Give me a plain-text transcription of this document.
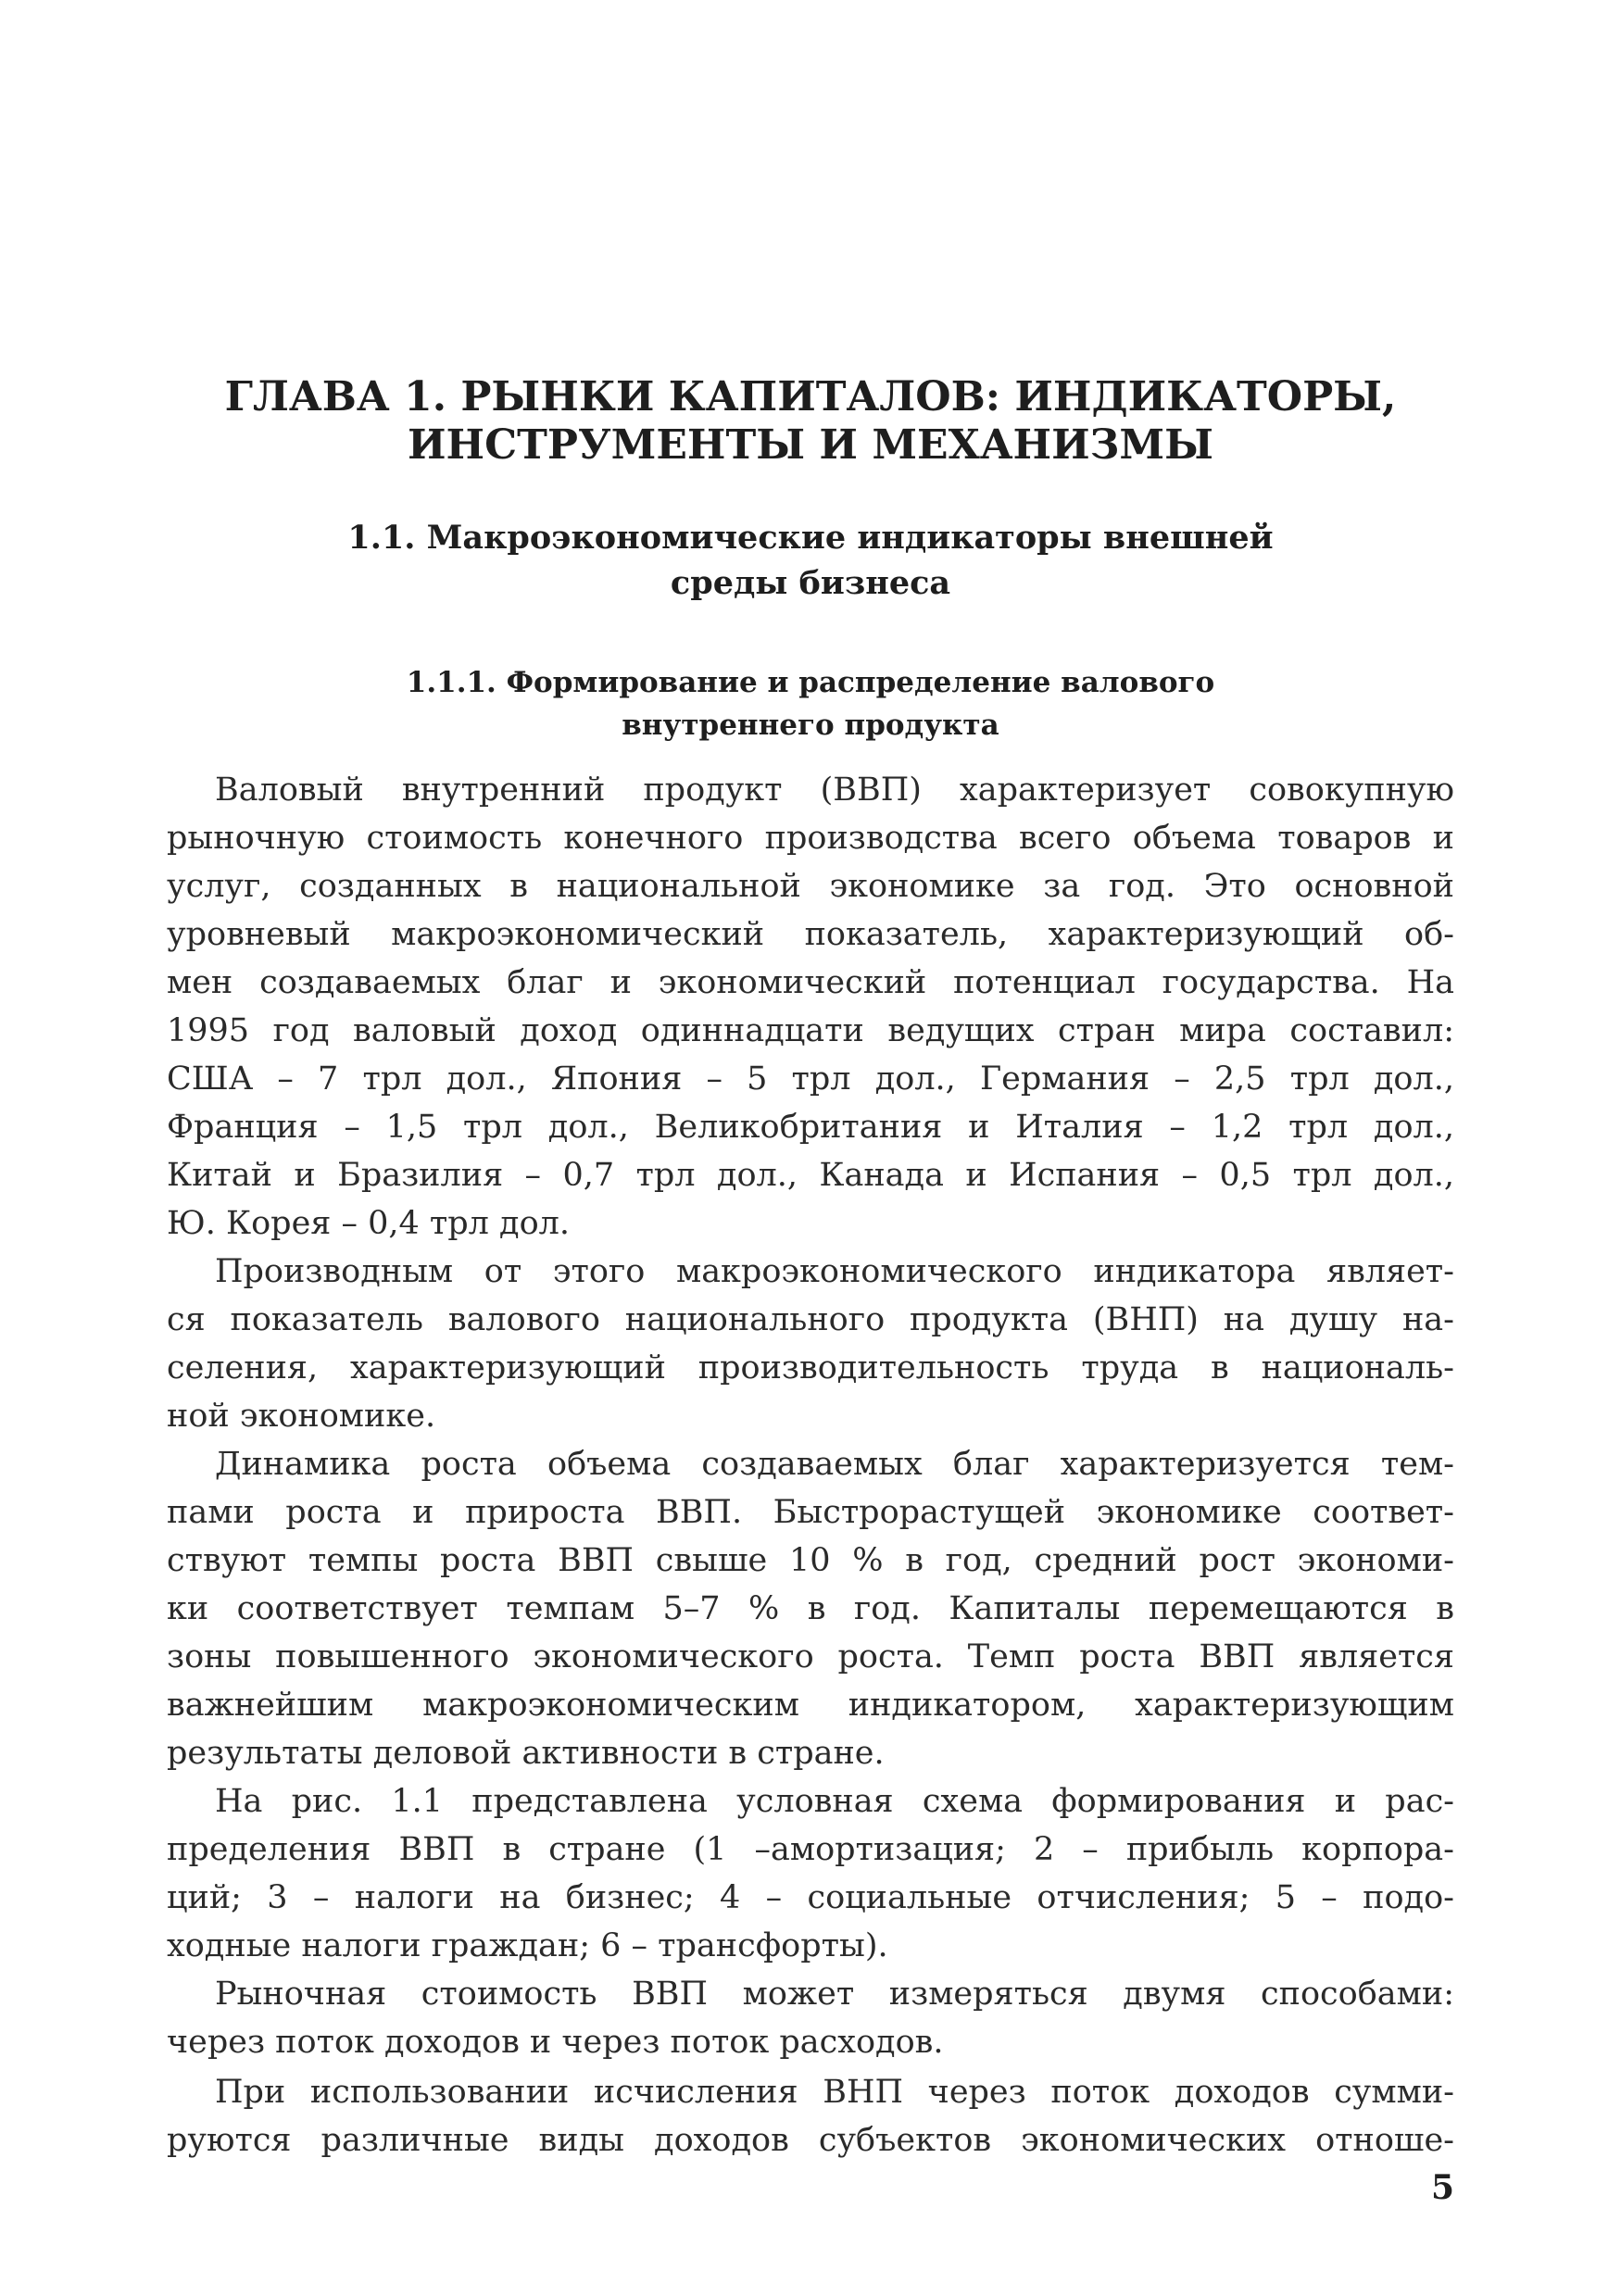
ГЛАВА 1. РЫНКИ КАПИТАЛОВ: ИНДИКАТОРЫ,
ИНСТРУМЕНТЫ И МЕХАНИЗМЫ
1.1. Макроэкономические индикаторы внешней
среды бизнеса
1.1.1. Формирование и распределение валового
внутреннего продукта
Валовый внутренний продукт (ВВП) характеризует совокупную
рыночную стоимость конечного производства всего объема товаров и
услуг, созданных в национальной экономике за год. Это основной
уровневый макроэкономический показатель, характеризующий об-
мен создаваемых благ и экономический потенциал государства. На
1995 год валовый доход одиннадцати ведущих стран мира составил:
США – 7 трл дол., Япония – 5 трл дол., Германия – 2,5 трл дол.,
Франция – 1,5 трл дол., Великобритания и Италия – 1,2 трл дол.,
Китай и Бразилия – 0,7 трл дол., Канада и Испания – 0,5 трл дол.,
Ю. Корея – 0,4 трл дол.
Производным от этого макроэкономического индикатора являет-
ся показатель валового национального продукта (ВНП) на душу на-
селения, характеризующий производительность труда в националь-
ной экономике.
Динамика роста объема создаваемых благ характеризуется тем-
пами роста и прироста ВВП. Быстрорастущей экономике соответ-
ствуют темпы роста ВВП свыше 10 % в год, средний рост экономи-
ки соответствует темпам 5–7 % в год. Капиталы перемещаются в
зоны повышенного экономического роста. Темп роста ВВП является
важнейшим макроэкономическим индикатором, характеризующим
результаты деловой активности в стране.
На рис. 1.1 представлена условная схема формирования и рас-
пределения ВВП в стране (1 –амортизация; 2 – прибыль корпора-
ций; 3 – налоги на бизнес; 4 – социальные отчисления; 5 – подо-
ходные налоги граждан; 6 – трансфорты).
Рыночная стоимость ВВП может измеряться двумя способами:
через поток доходов и через поток расходов.
При использовании исчисления ВНП через поток доходов сумми-
руются различные виды доходов субъектов экономических отноше-
5
